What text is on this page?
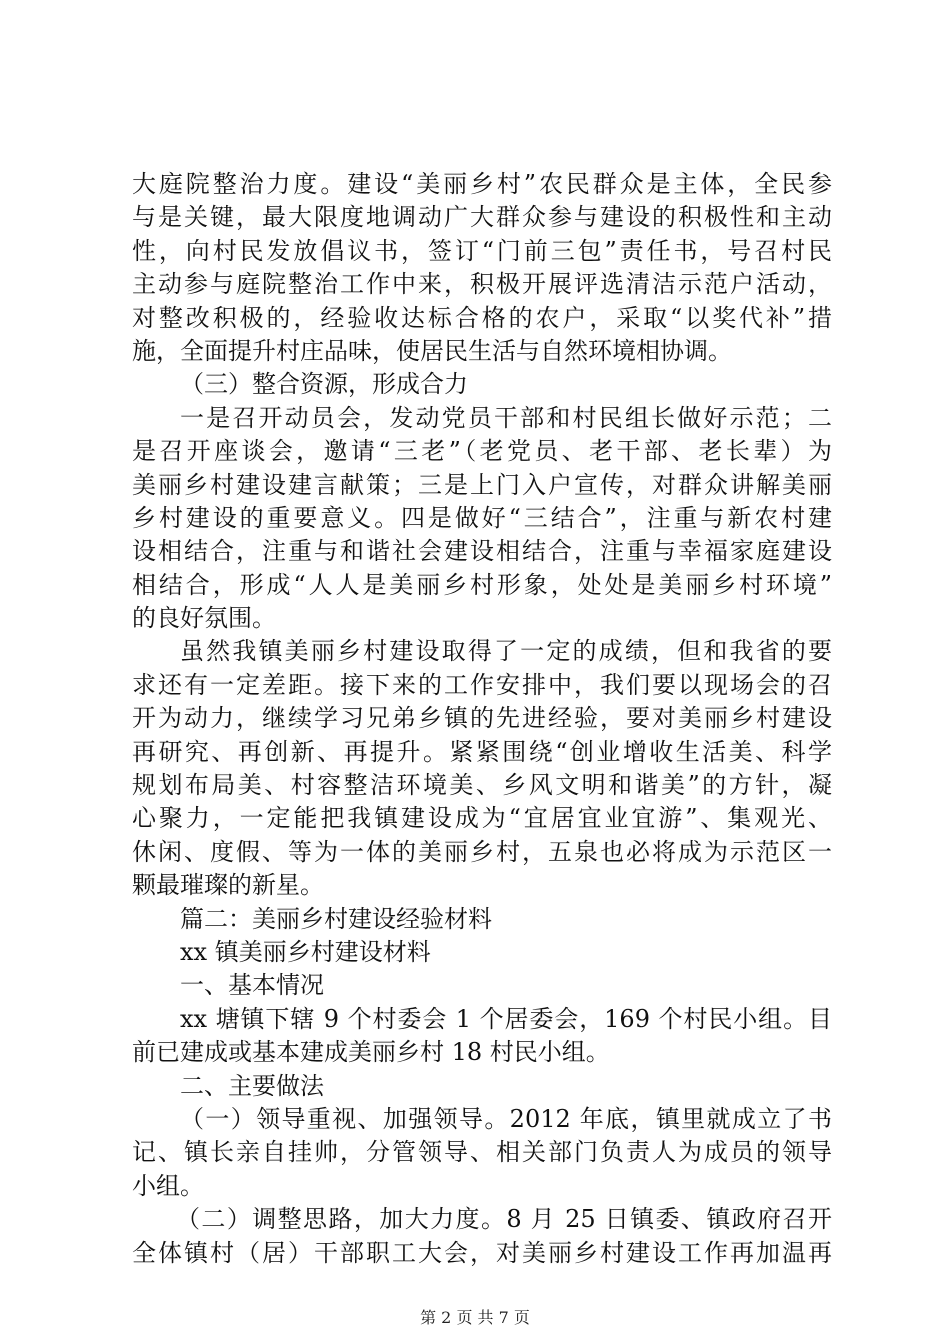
大庭院整治力度。建设“美丽乡村”农民群众是主体，全民参
与是关键，最大限度地调动广大群众参与建设的积极性和主动
性，向村民发放倡议书，签订“门前三包”责任书，号召村民
主动参与庭院整治工作中来，积极开展评选清洁示范户活动，
对整改积极的，经验收达标合格的农户，采取“以奖代补”措
施，全面提升村庄品味，使居民生活与自然环境相协调。
（三）整合资源，形成合力
一是召开动员会，发动党员干部和村民组长做好示范；二
是召开座谈会，邀请“三老”（老党员、老干部、老长辈）为
美丽乡村建设建言献策；三是上门入户宣传，对群众讲解美丽
乡村建设的重要意义。四是做好“三结合”，注重与新农村建
设相结合，注重与和谐社会建设相结合，注重与幸福家庭建设
相结合，形成“人人是美丽乡村形象，处处是美丽乡村环境”
的良好氛围。
虽然我镇美丽乡村建设取得了一定的成绩，但和我省的要
求还有一定差距。接下来的工作安排中，我们要以现场会的召
开为动力，继续学习兄弟乡镇的先进经验，要对美丽乡村建设
再研究、再创新、再提升。紧紧围绕“创业增收生活美、科学
规划布局美、村容整洁环境美、乡风文明和谐美”的方针，凝
心聚力，一定能把我镇建设成为“宜居宜业宜游”、集观光、
休闲、度假、等为一体的美丽乡村，五泉也必将成为示范区一
颗最璀璨的新星。
篇二：美丽乡村建设经验材料
xx 镇美丽乡村建设材料
一、基本情况
xx 塘镇下辖 9 个村委会 1 个居委会，169 个村民小组。目
前已建成或基本建成美丽乡村 18 村民小组。
二、主要做法
（一）领导重视、加强领导。2012 年底，镇里就成立了书
记、镇长亲自挂帅，分管领导、相关部门负责人为成员的领导
小组。
（二）调整思路，加大力度。8 月 25 日镇委、镇政府召开
全体镇村（居）干部职工大会，对美丽乡村建设工作再加温再
第 2 页 共 7 页
